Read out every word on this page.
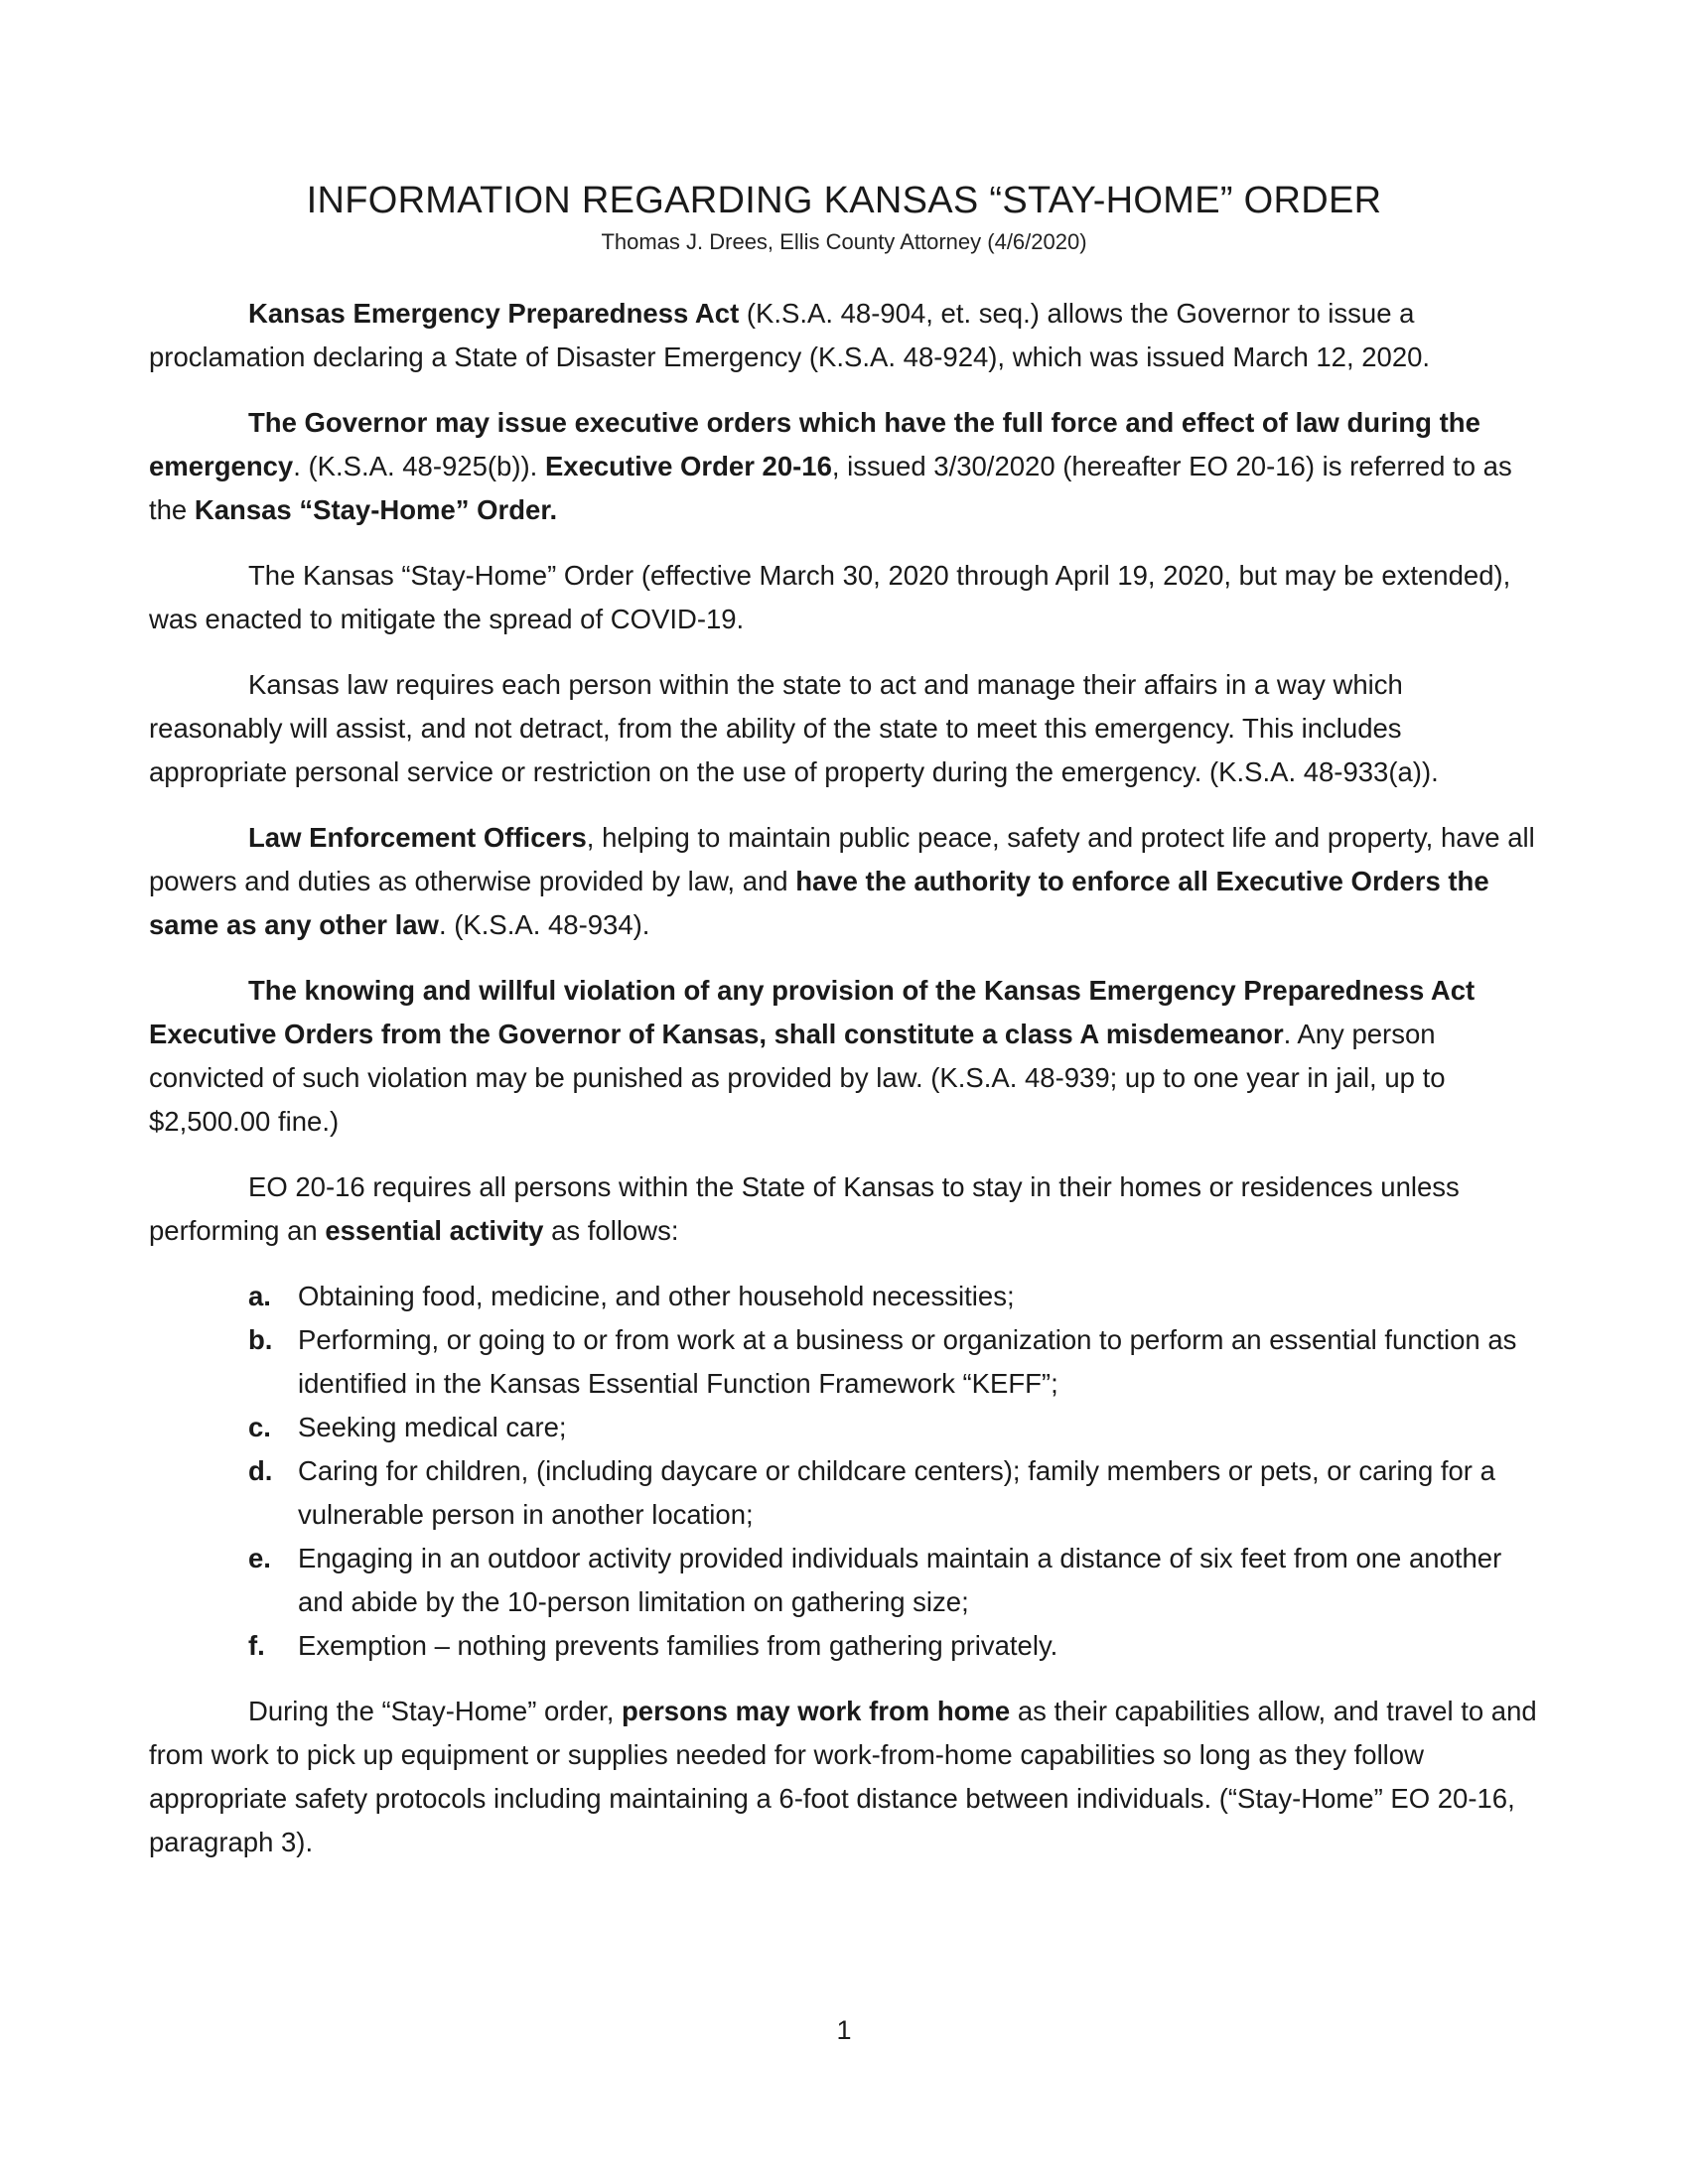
INFORMATION REGARDING KANSAS “STAY-HOME” ORDER
Thomas J. Drees, Ellis County Attorney (4/6/2020)

Kansas Emergency Preparedness Act (K.S.A. 48-904, et. seq.) allows the Governor to issue a proclamation declaring a State of Disaster Emergency (K.S.A. 48-924), which was issued March 12, 2020.

The Governor may issue executive orders which have the full force and effect of law during the emergency. (K.S.A. 48-925(b)). Executive Order 20-16, issued 3/30/2020 (hereafter EO 20-16) is referred to as the Kansas “Stay-Home” Order.

The Kansas “Stay-Home” Order (effective March 30, 2020 through April 19, 2020, but may be extended), was enacted to mitigate the spread of COVID-19.

Kansas law requires each person within the state to act and manage their affairs in a way which reasonably will assist, and not detract, from the ability of the state to meet this emergency. This includes appropriate personal service or restriction on the use of property during the emergency. (K.S.A. 48-933(a)).

Law Enforcement Officers, helping to maintain public peace, safety and protect life and property, have all powers and duties as otherwise provided by law, and have the authority to enforce all Executive Orders the same as any other law. (K.S.A. 48-934).

The knowing and willful violation of any provision of the Kansas Emergency Preparedness Act Executive Orders from the Governor of Kansas, shall constitute a class A misdemeanor. Any person convicted of such violation may be punished as provided by law. (K.S.A. 48-939; up to one year in jail, up to $2,500.00 fine.)

EO 20-16 requires all persons within the State of Kansas to stay in their homes or residences unless performing an essential activity as follows:

a. Obtaining food, medicine, and other household necessities;
b. Performing, or going to or from work at a business or organization to perform an essential function as identified in the Kansas Essential Function Framework “KEFF”;
c. Seeking medical care;
d. Caring for children, (including daycare or childcare centers); family members or pets, or caring for a vulnerable person in another location;
e. Engaging in an outdoor activity provided individuals maintain a distance of six feet from one another and abide by the 10-person limitation on gathering size;
f. Exemption – nothing prevents families from gathering privately.

During the “Stay-Home” order, persons may work from home as their capabilities allow, and travel to and from work to pick up equipment or supplies needed for work-from-home capabilities so long as they follow appropriate safety protocols including maintaining a 6-foot distance between individuals. (“Stay-Home” EO 20-16, paragraph 3).

1
